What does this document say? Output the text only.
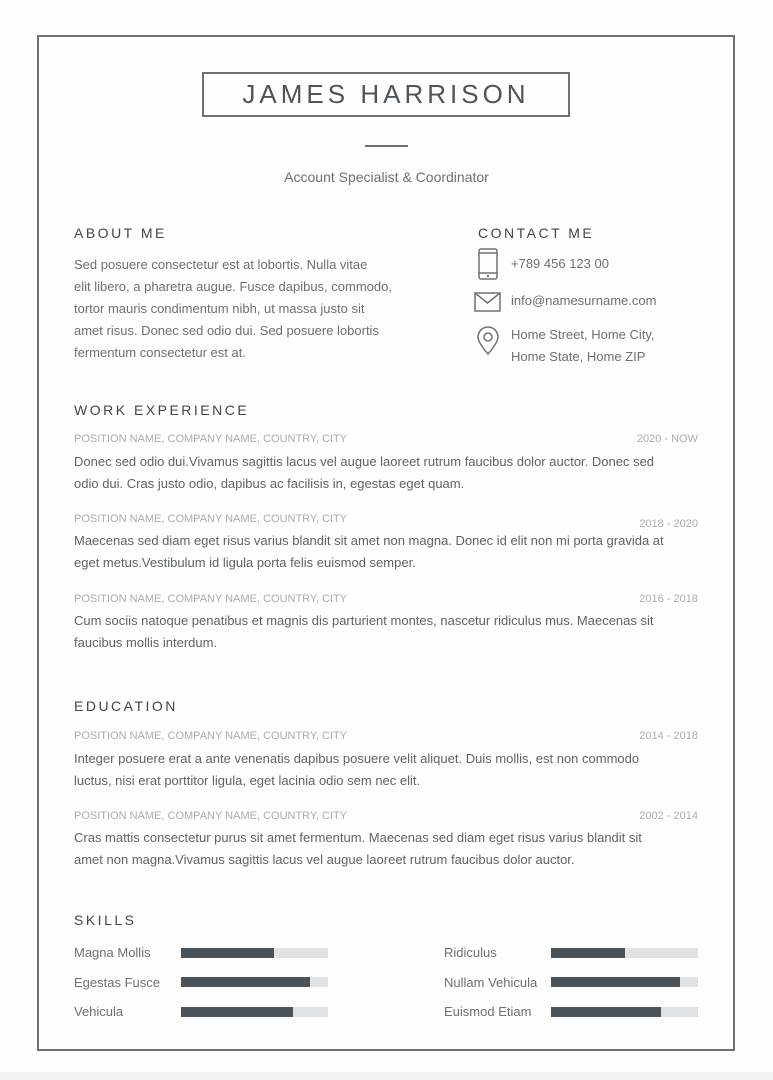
JAMES HARRISON
Account Specialist & Coordinator
ABOUT ME
Sed posuere consectetur est at lobortis. Nulla vitae
elit libero, a pharetra augue. Fusce dapibus, commodo,
tortor mauris condimentum nibh, ut massa justo sit
amet risus. Donec sed odio dui. Sed posuere lobortis
fermentum consectetur est at.
CONTACT ME
+789 456 123 00
info@namesurname.com
Home Street, Home City,
Home State, Home ZIP
WORK EXPERIENCE
POSITION NAME, COMPANY NAME, COUNTRY, CITY	2020 - NOW
Donec sed odio dui.Vivamus sagittis lacus vel augue laoreet rutrum faucibus dolor auctor. Donec sed
odio dui. Cras justo odio, dapibus ac facilisis in, egestas eget quam.
POSITION NAME, COMPANY NAME, COUNTRY, CITY	2018 - 2020
Maecenas sed diam eget risus varius blandit sit amet non magna. Donec id elit non mi porta gravida at
eget metus.Vestibulum id ligula porta felis euismod semper.
POSITION NAME, COMPANY NAME, COUNTRY, CITY	2016 - 2018
Cum sociis natoque penatibus et magnis dis parturient montes, nascetur ridiculus mus. Maecenas sit
faucibus mollis interdum.
EDUCATION
POSITION NAME, COMPANY NAME, COUNTRY, CITY	2014 - 2018
Integer posuere erat a ante venenatis dapibus posuere velit aliquet. Duis mollis, est non commodo
luctus, nisi erat porttitor ligula, eget lacinia odio sem nec elit.
POSITION NAME, COMPANY NAME, COUNTRY, CITY	2002 - 2014
Cras mattis consectetur purus sit amet fermentum. Maecenas sed diam eget risus varius blandit sit
amet non magna.Vivamus sagittis lacus vel augue laoreet rutrum faucibus dolor auctor.
SKILLS
Magna Mollis
Egestas Fusce
Vehicula
Ridiculus
Nullam Vehicula
Euismod Etiam
